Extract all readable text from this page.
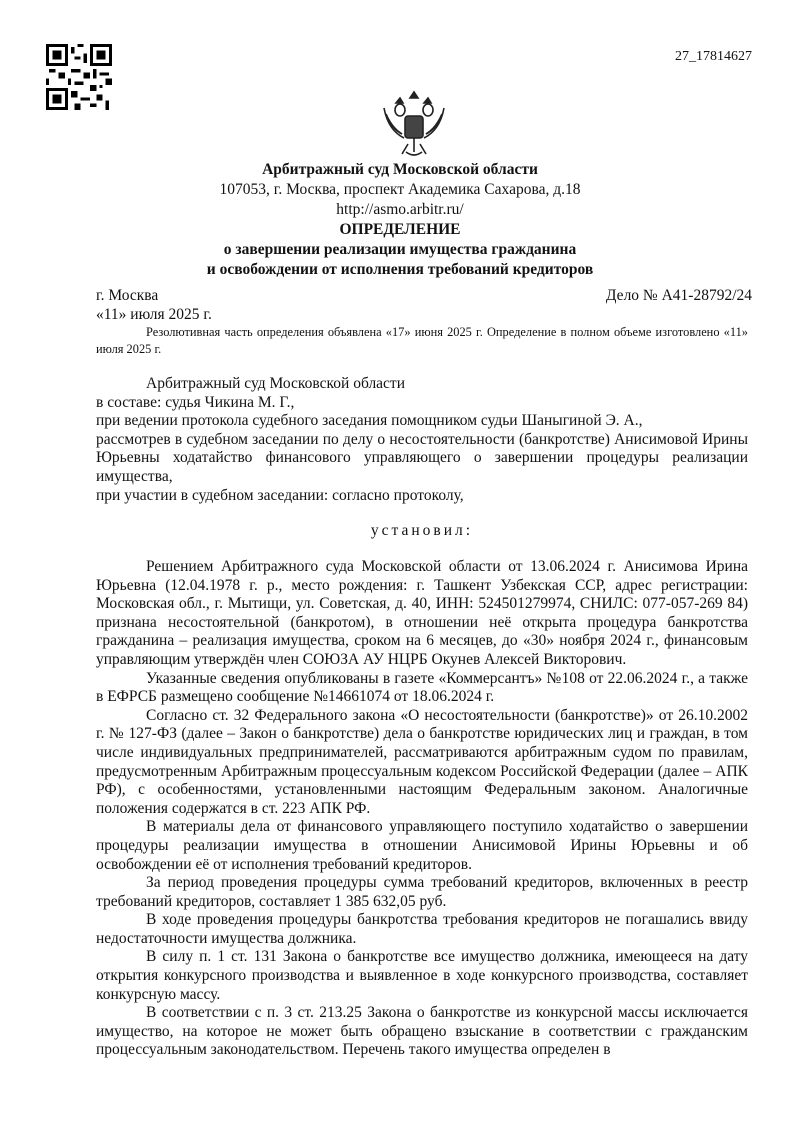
27_17814627
Арбитражный суд Московской области
107053, г. Москва, проспект Академика Сахарова, д.18
http://asmo.arbitr.ru/
ОПРЕДЕЛЕНИЕ
о завершении реализации имущества гражданина
и освобождении от исполнения требований кредиторов
г. Москва	Дело № А41-28792/24
«11» июля 2025 г.
Резолютивная часть определения объявлена «17» июня 2025 г. Определение в полном объеме изготовлено «11» июля 2025 г.

Арбитражный суд Московской области

в составе: судья Чикина М. Г.,

при ведении протокола судебного заседания помощником судьи Шаныгиной Э. А.,

рассмотрев в судебном заседании по делу о несостоятельности (банкротстве) Анисимовой Ирины Юрьевны ходатайство финансового управляющего о завершении процедуры реализации имущества,

при участии в судебном заседании: согласно протоколу,

установил:

Решением Арбитражного суда Московской области от 13.06.2024 г. Анисимова Ирина Юрьевна (12.04.1978 г. р., место рождения: г. Ташкент Узбекская ССР, адрес регистрации: Московская обл., г. Мытищи, ул. Советская, д. 40, ИНН: 524501279974, СНИЛС: 077-057-269 84) признана несостоятельной (банкротом), в отношении неё открыта процедура банкротства гражданина – реализация имущества, сроком на 6 месяцев, до «30» ноября 2024 г., финансовым управляющим утверждён член СОЮЗА АУ НЦРБ Окунев Алексей Викторович.

Указанные сведения опубликованы в газете «Коммерсантъ» №108 от 22.06.2024 г., а также в ЕФРСБ размещено сообщение №14661074 от 18.06.2024 г.

Согласно ст. 32 Федерального закона «О несостоятельности (банкротстве)» от 26.10.2002 г. № 127-ФЗ (далее – Закон о банкротстве) дела о банкротстве юридических лиц и граждан, в том числе индивидуальных предпринимателей, рассматриваются арбитражным судом по правилам, предусмотренным Арбитражным процессуальным кодексом Российской Федерации (далее – АПК РФ), с особенностями, установленными настоящим Федеральным законом. Аналогичные положения содержатся в ст. 223 АПК РФ.

В материалы дела от финансового управляющего поступило ходатайство о завершении процедуры реализации имущества в отношении Анисимовой Ирины Юрьевны и об освобождении её от исполнения требований кредиторов.

За период проведения процедуры сумма требований кредиторов, включенных в реестр требований кредиторов, составляет 1 385 632,05 руб.

В ходе проведения процедуры банкротства требования кредиторов не погашались ввиду недостаточности имущества должника.

В силу п. 1 ст. 131 Закона о банкротстве все имущество должника, имеющееся на дату открытия конкурсного производства и выявленное в ходе конкурсного производства, составляет конкурсную массу.

В соответствии с п. 3 ст. 213.25 Закона о банкротстве из конкурсной массы исключается имущество, на которое не может быть обращено взыскание в соответствии с гражданским процессуальным законодательством. Перечень такого имущества определен в
